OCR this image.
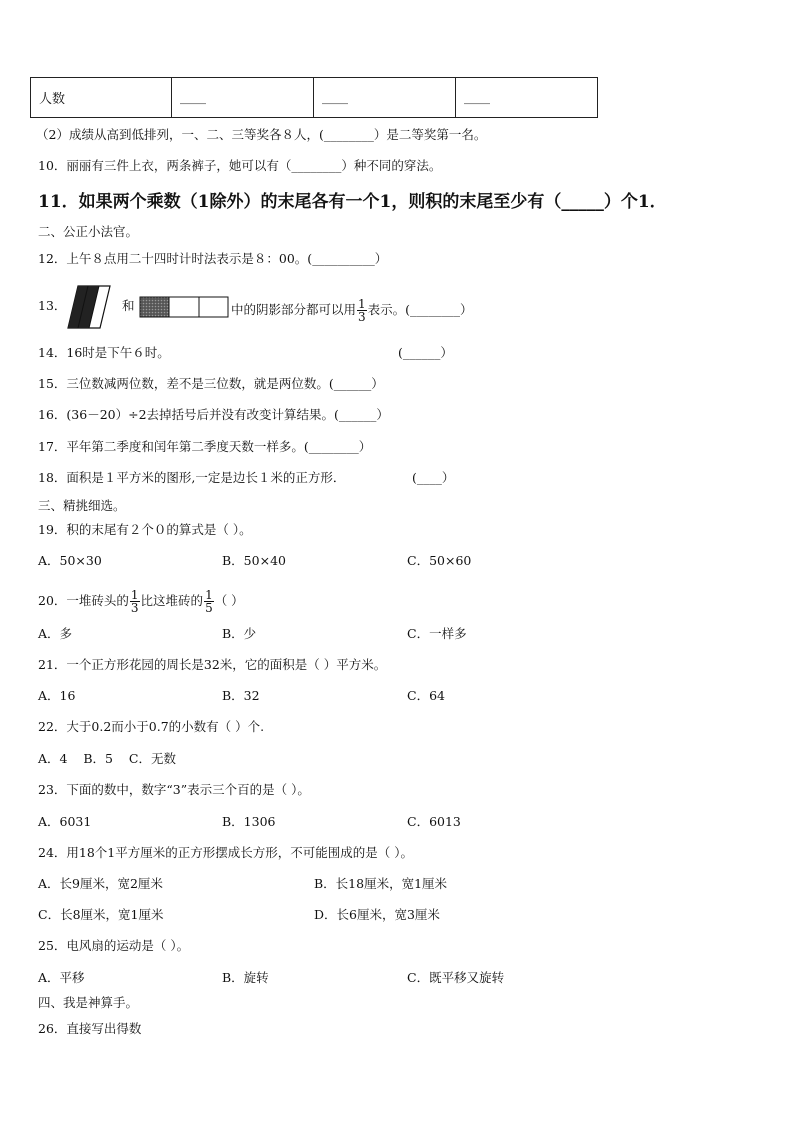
人数	____	____	____
（2）成绩从高到低排列，一、二、三等奖各８人，(________）是二等奖第一名。
10．丽丽有三件上衣，两条裤子，她可以有（________）种不同的穿法。
11．如果两个乘数（1除外）的末尾各有一个1，则积的末尾至少有（_____）个1．
二、公正小法官。
12．上午８点用二十四时计时法表示是８：00。(__________）
13．	和	中的阴影部分都可以用 $\frac{1}{3}$ 表示。(________）
14．16时是下午６时。	(______）
15．三位数减两位数，差不是三位数，就是两位数。(______）
16．(36－20）÷2去掉括号后并没有改变计算结果。(______）
17．平年第二季度和闰年第二季度天数一样多。(________）
18．面积是１平方米的图形,一定是边长１米的正方形．	(____）
三、精挑细选。
19．积的末尾有２个０的算式是（ ）。
A．50×30	B．50×40	C．50×60
20．一堆砖头的 $\frac{1}{3}$ 比这堆砖的 $\frac{1}{5}$ （ ）
A．多	B．少	C．一样多
21．一个正方形花园的周长是32米，它的面积是（ ）平方米。
A．16	B．32	C．64
22．大于0.2而小于0.7的小数有（ ）个.
A．4    B．5    C．无数
23．下面的数中，数字“3”表示三个百的是（ ）。
A．6031	B．1306	C．6013
24．用18个1平方厘米的正方形摆成长方形，不可能围成的是（ ）。
A．长9厘米，宽2厘米	B．长18厘米，宽1厘米
C．长8厘米，宽1厘米	D．长6厘米，宽3厘米
25．电风扇的运动是（ ）。
A．平移	B．旋转	C．既平移又旋转
四、我是神算手。
26．直接写出得数
